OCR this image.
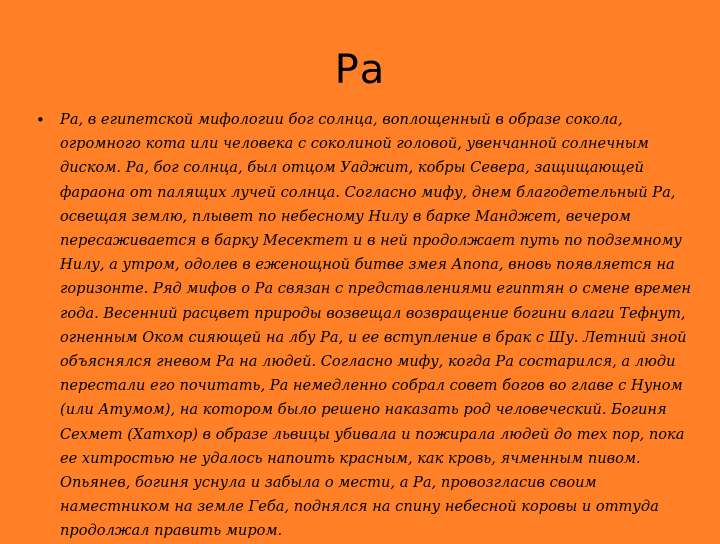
Ра
• Ра, в египетской мифологии бог солнца, воплощенный в образе сокола, огромного кота или человека с соколиной головой, увенчанной солнечным диском. Ра, бог солнца, был отцом Уаджит, кобры Севера, защищающей фараона от палящих лучей солнца. Согласно мифу, днем благодетельный Ра, освещая землю, плывет по небесному Нилу в барке Манджет, вечером пересаживается в барку Месектет и в ней продолжает путь по подземному Нилу, а утром, одолев в еженощной битве змея Апопа, вновь появляется на горизонте. Ряд мифов о Ра связан с представлениями египтян о смене времен года. Весенний расцвет природы возвещал возвращение богини влаги Тефнут, огненным Оком сияющей на лбу Ра, и ее вступление в брак с Шу. Летний зной объяснялся гневом Ра на людей. Согласно мифу, когда Ра состарился, а люди перестали его почитать, Ра немедленно собрал совет богов во главе с Нуном (или Атумом), на котором было решено наказать род человеческий. Богиня Сехмет (Хатхор) в образе львицы убивала и пожирала людей до тех пор, пока ее хитростью не удалось напоить красным, как кровь, ячменным пивом. Опьянев, богиня уснула и забыла о мести, а Ра, провозгласив своим наместником на земле Геба, поднялся на спину небесной коровы и оттуда продолжал править миром.
